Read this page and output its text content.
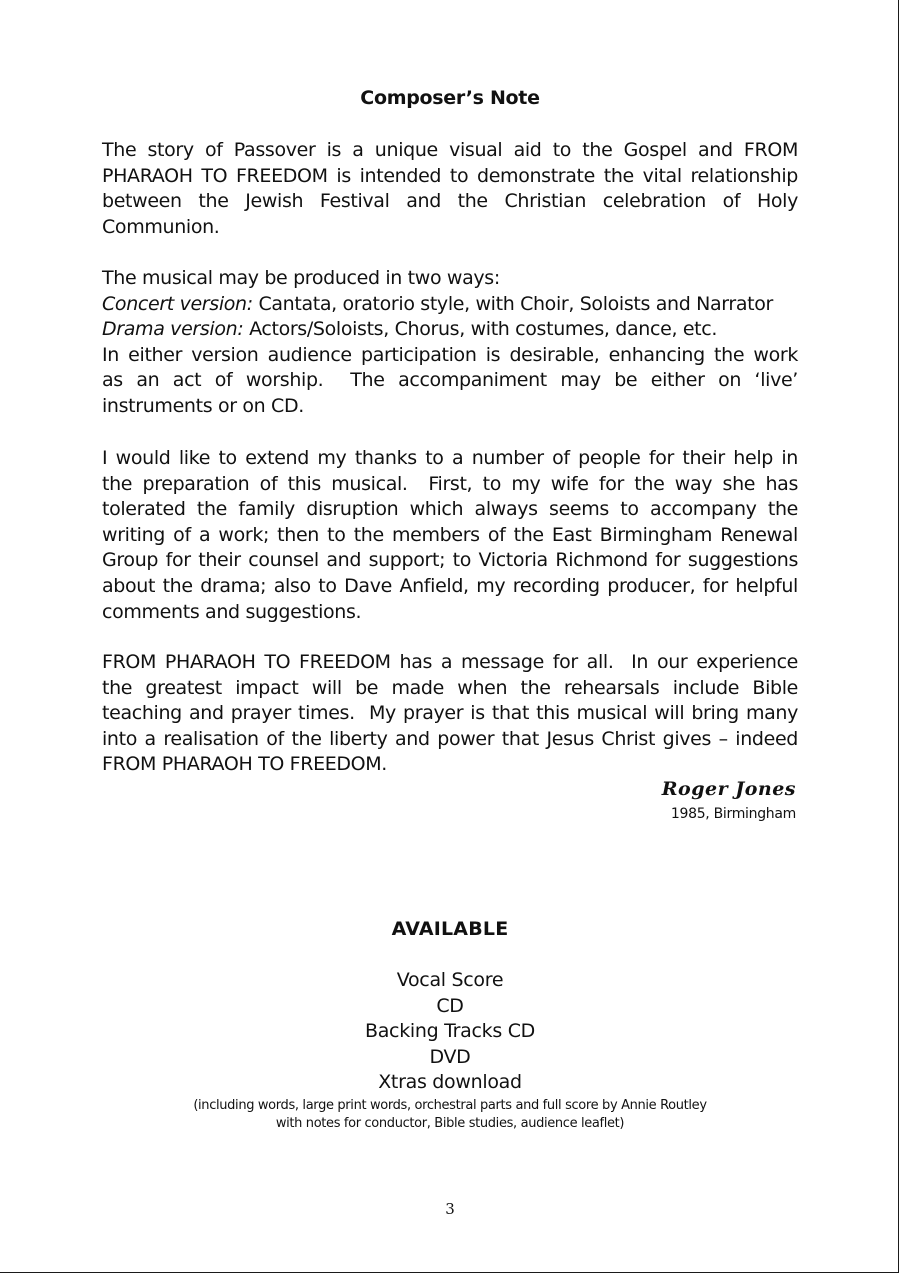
Composer’s Note
The story of Passover is a unique visual aid to the Gospel and FROM
PHARAOH TO FREEDOM is intended to demonstrate the vital relationship
between the Jewish Festival and the Christian celebration of Holy
Communion.
The musical may be produced in two ways:
Concert version: Cantata, oratorio style, with Choir, Soloists and Narrator
Drama version: Actors/Soloists, Chorus, with costumes, dance, etc.
In either version audience participation is desirable, enhancing the work
as an act of worship.  The accompaniment may be either on ‘live’
instruments or on CD.
I would like to extend my thanks to a number of people for their help in
the preparation of this musical.  First, to my wife for the way she has
tolerated the family disruption which always seems to accompany the
writing of a work; then to the members of the East Birmingham Renewal
Group for their counsel and support; to Victoria Richmond for suggestions
about the drama; also to Dave Anfield, my recording producer, for helpful
comments and suggestions.
FROM PHARAOH TO FREEDOM has a message for all.  In our experience
the greatest impact will be made when the rehearsals include Bible
teaching and prayer times.  My prayer is that this musical will bring many
into a realisation of the liberty and power that Jesus Christ gives – indeed
FROM PHARAOH TO FREEDOM.
Roger Jones
1985, Birmingham
AVAILABLE
Vocal Score
CD
Backing Tracks CD
DVD
Xtras download
(including words, large print words, orchestral parts and full score by Annie Routley
with notes for conductor, Bible studies, audience leaflet)
3
